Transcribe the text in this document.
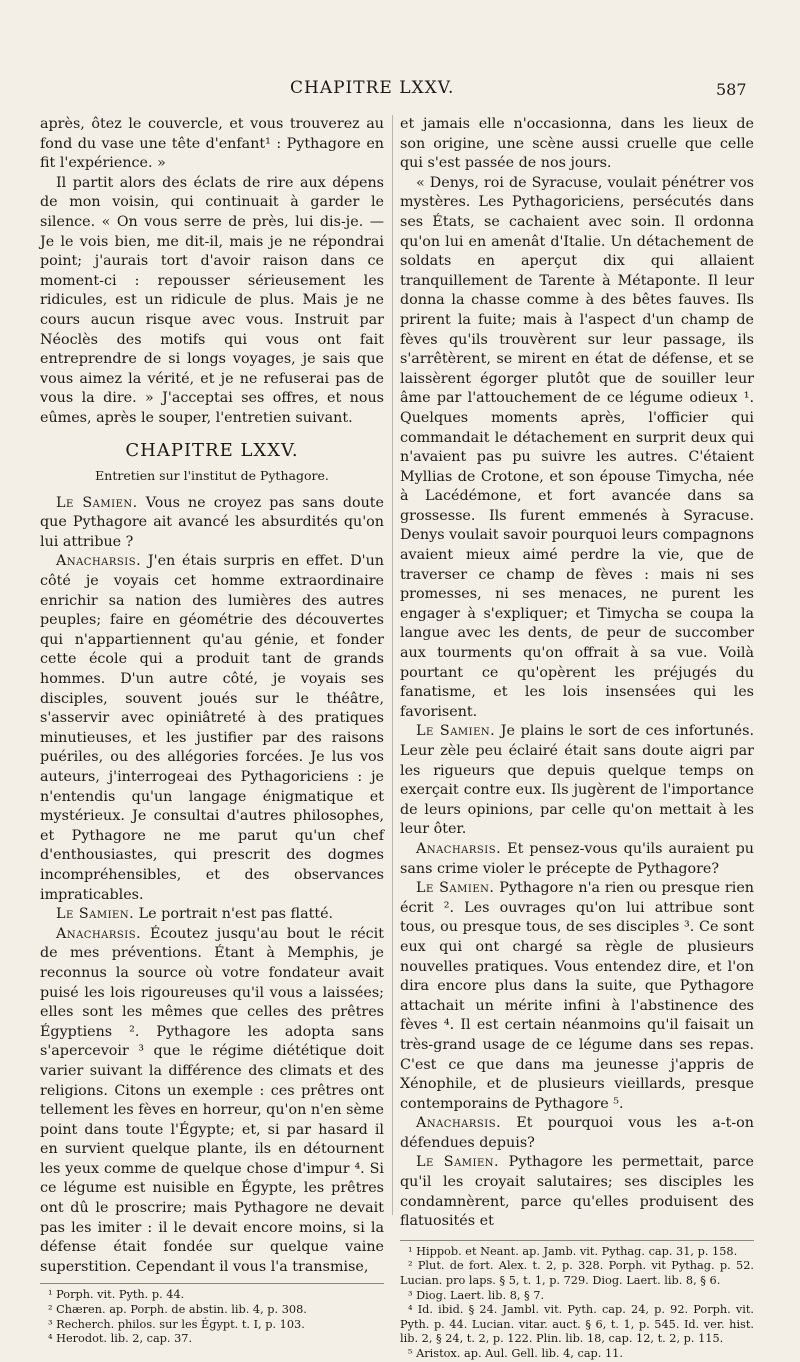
CHAPITRE LXXV.	587

après, ôtez le couvercle, et vous trouverez au fond du vase une tête d'enfant¹ : Pythagore en fit l'expérience. »

Il partit alors des éclats de rire aux dépens de mon voisin, qui continuait à garder le silence. « On vous serre de près, lui dis-je. — Je le vois bien, me dit-il, mais je ne répondrai point; j'aurais tort d'avoir raison dans ce moment-ci : repousser sérieusement les ridicules, est un ridicule de plus. Mais je ne cours aucun risque avec vous. Instruit par Néoclès des motifs qui vous ont fait entreprendre de si longs voyages, je sais que vous aimez la vérité, et je ne refuserai pas de vous la dire. » J'acceptai ses offres, et nous eûmes, après le souper, l'entretien suivant.

CHAPITRE LXXV.
Entretien sur l'institut de Pythagore.

Le Samien. Vous ne croyez pas sans doute que Pythagore ait avancé les absurdités qu'on lui attribue ?

Anacharsis. J'en étais surpris en effet. D'un côté je voyais cet homme extraordinaire enrichir sa nation des lumières des autres peuples; faire en géométrie des découvertes qui n'appartiennent qu'au génie, et fonder cette école qui a produit tant de grands hommes. D'un autre côté, je voyais ses disciples, souvent joués sur le théâtre, s'asservir avec opiniâtreté à des pratiques minutieuses, et les justifier par des raisons puériles, ou des allégories forcées. Je lus vos auteurs, j'interrogeai des Pythagoriciens : je n'entendis qu'un langage énigmatique et mystérieux. Je consultai d'autres philosophes, et Pythagore ne me parut qu'un chef d'enthousiastes, qui prescrit des dogmes incompréhensibles, et des observances impraticables.

Le Samien. Le portrait n'est pas flatté.

Anacharsis. Écoutez jusqu'au bout le récit de mes préventions. Étant à Memphis, je reconnus la source où votre fondateur avait puisé les lois rigoureuses qu'il vous a laissées; elles sont les mêmes que celles des prêtres Égyptiens ². Pythagore les adopta sans s'apercevoir ³ que le régime diététique doit varier suivant la différence des climats et des religions. Citons un exemple : ces prêtres ont tellement les fèves en horreur, qu'on n'en sème point dans toute l'Égypte; et, si par hasard il en survient quelque plante, ils en détournent les yeux comme de quelque chose d'impur ⁴. Si ce légume est nuisible en Égypte, les prêtres ont dû le proscrire; mais Pythagore ne devait pas les imiter : il le devait encore moins, si la défense était fondée sur quelque vaine superstition. Cependant il vous l'a transmise,

¹ Porph. vit. Pyth. p. 44.

² Chæren. ap. Porph. de abstin. lib. 4, p. 308.

³ Recherch. philos. sur les Égypt. t. I, p. 103.

⁴ Herodot. lib. 2, cap. 37.

et jamais elle n'occasionna, dans les lieux de son origine, une scène aussi cruelle que celle qui s'est passée de nos jours.

« Denys, roi de Syracuse, voulait pénétrer vos mystères. Les Pythagoriciens, persécutés dans ses États, se cachaient avec soin. Il ordonna qu'on lui en amenât d'Italie. Un détachement de soldats en aperçut dix qui allaient tranquillement de Tarente à Métaponte. Il leur donna la chasse comme à des bêtes fauves. Ils prirent la fuite; mais à l'aspect d'un champ de fèves qu'ils trouvèrent sur leur passage, ils s'arrêtèrent, se mirent en état de défense, et se laissèrent égorger plutôt que de souiller leur âme par l'attouchement de ce légume odieux ¹. Quelques moments après, l'officier qui commandait le détachement en surprit deux qui n'avaient pas pu suivre les autres. C'étaient Myllias de Crotone, et son épouse Timycha, née à Lacédémone, et fort avancée dans sa grossesse. Ils furent emmenés à Syracuse. Denys voulait savoir pourquoi leurs compagnons avaient mieux aimé perdre la vie, que de traverser ce champ de fèves : mais ni ses promesses, ni ses menaces, ne purent les engager à s'expliquer; et Timycha se coupa la langue avec les dents, de peur de succomber aux tourments qu'on offrait à sa vue. Voilà pourtant ce qu'opèrent les préjugés du fanatisme, et les lois insensées qui les favorisent.

Le Samien. Je plains le sort de ces infortunés. Leur zèle peu éclairé était sans doute aigri par les rigueurs que depuis quelque temps on exerçait contre eux. Ils jugèrent de l'importance de leurs opinions, par celle qu'on mettait à les leur ôter.

Anacharsis. Et pensez-vous qu'ils auraient pu sans crime violer le précepte de Pythagore?

Le Samien. Pythagore n'a rien ou presque rien écrit ². Les ouvrages qu'on lui attribue sont tous, ou presque tous, de ses disciples ³. Ce sont eux qui ont chargé sa règle de plusieurs nouvelles pratiques. Vous entendez dire, et l'on dira encore plus dans la suite, que Pythagore attachait un mérite infini à l'abstinence des fèves ⁴. Il est certain néanmoins qu'il faisait un très-grand usage de ce légume dans ses repas. C'est ce que dans ma jeunesse j'appris de Xénophile, et de plusieurs vieillards, presque contemporains de Pythagore ⁵.

Anacharsis. Et pourquoi vous les a-t-on défendues depuis?

Le Samien. Pythagore les permettait, parce qu'il les croyait salutaires; ses disciples les condamnèrent, parce qu'elles produisent des flatuosités et

¹ Hippob. et Neant. ap. Jamb. vit. Pythag. cap. 31, p. 158.

² Plut. de fort. Alex. t. 2, p. 328. Porph. vit Pythag. p. 52. Lucian. pro laps. § 5, t. 1, p. 729. Diog. Laert. lib. 8, § 6.

³ Diog. Laert. lib. 8, § 7.

⁴ Id. ibid. § 24. Jambl. vit. Pyth. cap. 24, p. 92. Porph. vit. Pyth. p. 44. Lucian. vitar. auct. § 6, t. 1, p. 545. Id. ver. hist. lib. 2, § 24, t. 2, p. 122. Plin. lib. 18, cap. 12, t. 2, p. 115.

⁵ Aristox. ap. Aul. Gell. lib. 4, cap. 11.
